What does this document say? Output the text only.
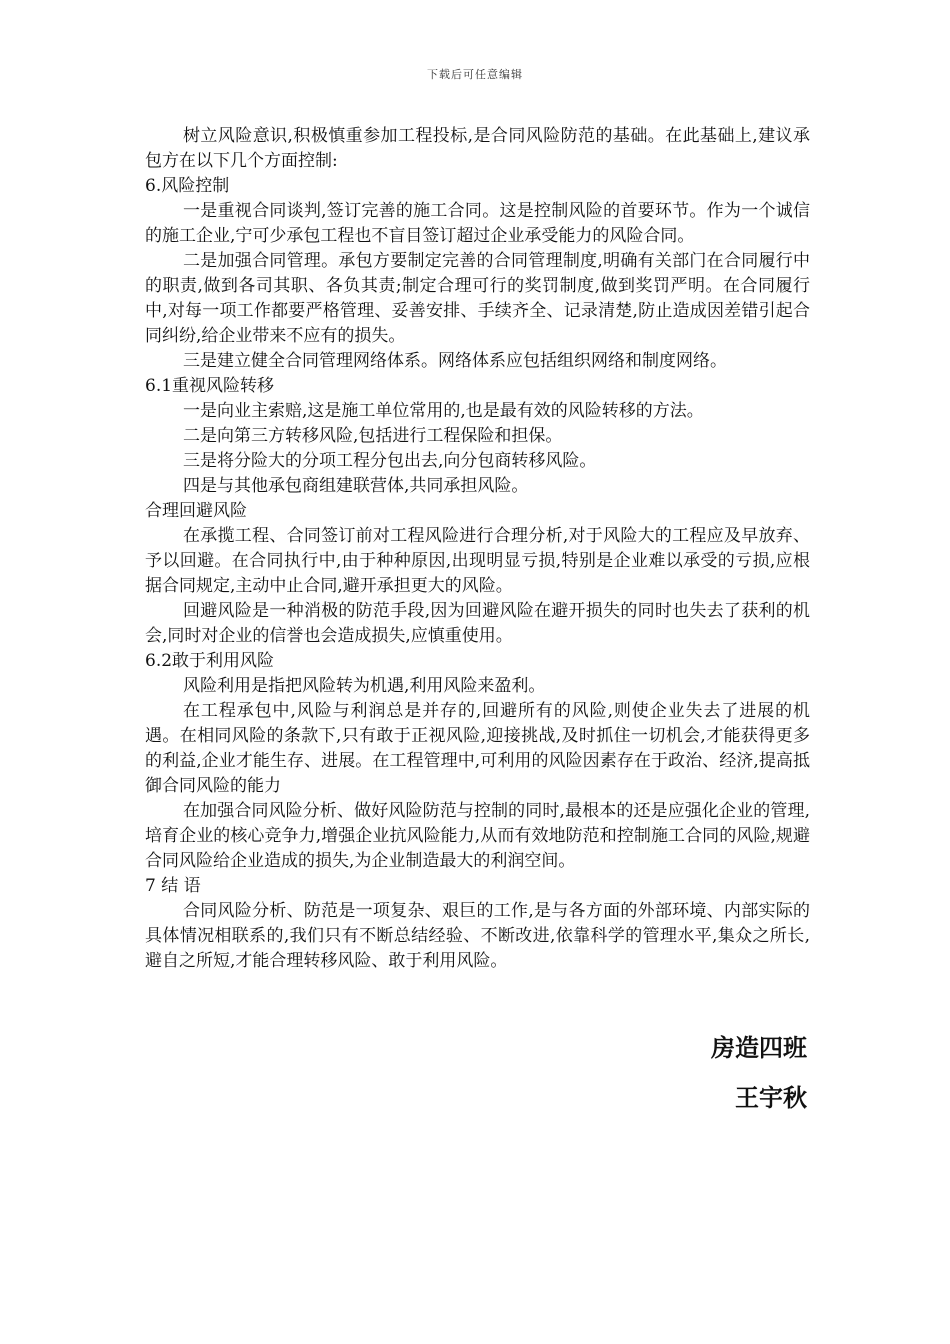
下载后可任意编辑

树立风险意识,积极慎重参加工程投标,是合同风险防范的基础。在此基础上,建议承包方在以下几个方面控制:

6.风险控制

一是重视合同谈判,签订完善的施工合同。这是控制风险的首要环节。作为一个诚信的施工企业,宁可少承包工程也不盲目签订超过企业承受能力的风险合同。

二是加强合同管理。承包方要制定完善的合同管理制度,明确有关部门在合同履行中的职责,做到各司其职、各负其责;制定合理可行的奖罚制度,做到奖罚严明。在合同履行中,对每一项工作都要严格管理、妥善安排、手续齐全、记录清楚,防止造成因差错引起合同纠纷,给企业带来不应有的损失。

三是建立健全合同管理网络体系。网络体系应包括组织网络和制度网络。

6.1重视风险转移

一是向业主索赔,这是施工单位常用的,也是最有效的风险转移的方法。

二是向第三方转移风险,包括进行工程保险和担保。

三是将分险大的分项工程分包出去,向分包商转移风险。

四是与其他承包商组建联营体,共同承担风险。

合理回避风险

在承揽工程、合同签订前对工程风险进行合理分析,对于风险大的工程应及早放弃、予以回避。在合同执行中,由于种种原因,出现明显亏损,特别是企业难以承受的亏损,应根据合同规定,主动中止合同,避开承担更大的风险。

回避风险是一种消极的防范手段,因为回避风险在避开损失的同时也失去了获利的机会,同时对企业的信誉也会造成损失,应慎重使用。

6.2敢于利用风险

风险利用是指把风险转为机遇,利用风险来盈利。

在工程承包中,风险与利润总是并存的,回避所有的风险,则使企业失去了进展的机遇。在相同风险的条款下,只有敢于正视风险,迎接挑战,及时抓住一切机会,才能获得更多的利益,企业才能生存、进展。在工程管理中,可利用的风险因素存在于政治、经济,提高抵御合同风险的能力

在加强合同风险分析、做好风险防范与控制的同时,最根本的还是应强化企业的管理,培育企业的核心竞争力,增强企业抗风险能力,从而有效地防范和控制施工合同的风险,规避合同风险给企业造成的损失,为企业制造最大的利润空间。

7 结 语

合同风险分析、防范是一项复杂、艰巨的工作,是与各方面的外部环境、内部实际的具体情况相联系的,我们只有不断总结经验、不断改进,依靠科学的管理水平,集众之所长,避自之所短,才能合理转移风险、敢于利用风险。

房造四班
王宇秋
